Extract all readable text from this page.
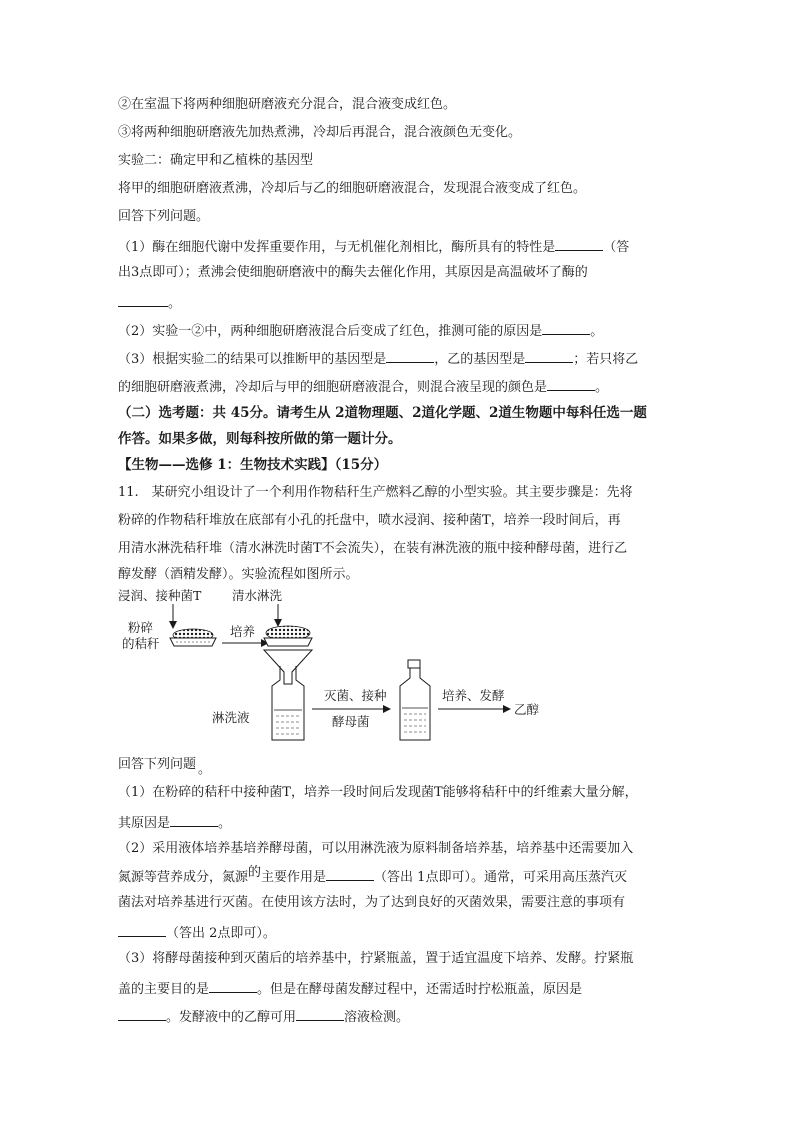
②在室温下将两种细胞研磨液充分混合，混合液变成红色。
③将两种细胞研磨液先加热煮沸，冷却后再混合，混合液颜色无变化。
实验二：确定甲和乙植株的基因型
将甲的细胞研磨液煮沸，冷却后与乙的细胞研磨液混合，发现混合液变成了红色。
回答下列问题。
（1）酶在细胞代谢中发挥重要作用，与无机催化剂相比，酶所具有的特性是	（答
出3点即可）；煮沸会使细胞研磨液中的酶失去催化作用，其原因是高温破坏了酶的
。
（2）实验一②中，两种细胞研磨液混合后变成了红色，推测可能的原因是	。
（3）根据实验二的结果可以推断甲的基因型是	，乙的基因型是	；若只将乙
的细胞研磨液煮沸，冷却后与甲的细胞研磨液混合，则混合液呈现的颜色是	。
（二）选考题：共 45分。请考生从 2道物理题、2道化学题、2道生物题中每科任选一题
作答。如果多做，则每科按所做的第一题计分。
【生物——选修 1：生物技术实践】（15分）
11.　某研究小组设计了一个利用作物秸秆生产燃料乙醇的小型实验。其主要步骤是：先将
粉碎的作物秸秆堆放在底部有小孔的托盘中，喷水浸润、接种菌T，培养一段时间后，再
用清水淋洗秸秆堆（清水淋洗时菌T不会流失），在装有淋洗液的瓶中接种酵母菌，进行乙
醇发酵（酒精发酵）。实验流程如图所示。
浸润、接种菌T 清水淋洗
粉碎
的秸秆
培养
淋洗液
灭菌、接种
酵母菌
培养、发酵
乙醇
回答下列问题 。
（1）在粉碎的秸秆中接种菌T，培养一段时间后发现菌T能够将秸秆中的纤维素大量分解，
其原因是	。
（2）采用液体培养基培养酵母菌，可以用淋洗液为原料制备培养基，培养基中还需要加入
氮源等营养成分，氮源的主要作用是	（答出 1点即可）。通常，可采用高压蒸汽灭
菌法对培养基进行灭菌。在使用该方法时，为了达到良好的灭菌效果，需要注意的事项有
（答出 2点即可）。
（3）将酵母菌接种到灭菌后的培养基中，拧紧瓶盖，置于适宜温度下培养、发酵。拧紧瓶
盖的主要目的是	。但是在酵母菌发酵过程中，还需适时拧松瓶盖，原因是
。发酵液中的乙醇可用	溶液检测。
